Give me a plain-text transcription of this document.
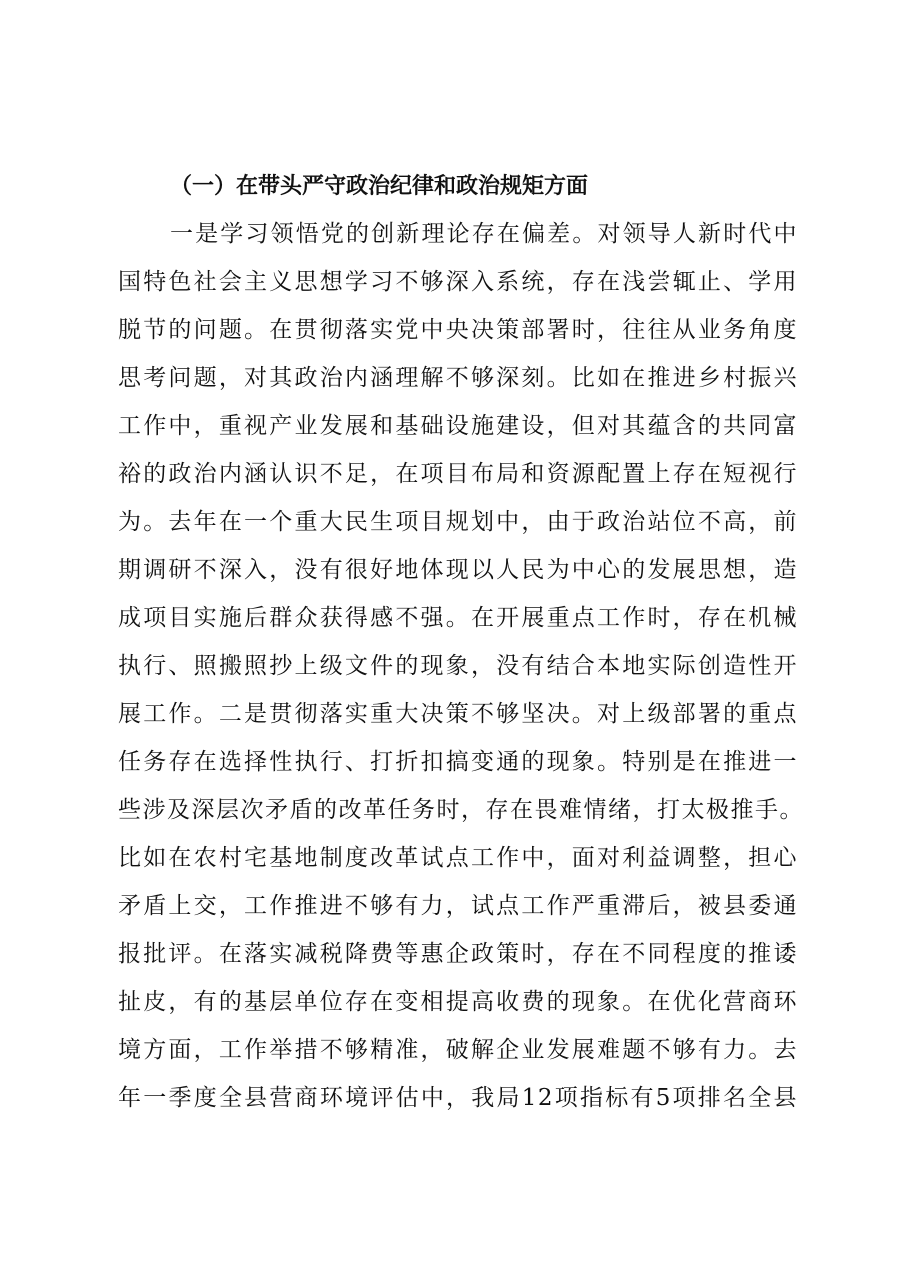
（一）在带头严守政治纪律和政治规矩方面
一是学习领悟党的创新理论存在偏差。对领导人新时代中
国特色社会主义思想学习不够深入系统，存在浅尝辄止、学用
脱节的问题。在贯彻落实党中央决策部署时，往往从业务角度
思考问题，对其政治内涵理解不够深刻。比如在推进乡村振兴
工作中，重视产业发展和基础设施建设，但对其蕴含的共同富
裕的政治内涵认识不足，在项目布局和资源配置上存在短视行
为。去年在一个重大民生项目规划中，由于政治站位不高，前
期调研不深入，没有很好地体现以人民为中心的发展思想，造
成项目实施后群众获得感不强。在开展重点工作时，存在机械
执行、照搬照抄上级文件的现象，没有结合本地实际创造性开
展工作。二是贯彻落实重大决策不够坚决。对上级部署的重点
任务存在选择性执行、打折扣搞变通的现象。特别是在推进一
些涉及深层次矛盾的改革任务时，存在畏难情绪，打太极推手。
比如在农村宅基地制度改革试点工作中，面对利益调整，担心
矛盾上交，工作推进不够有力，试点工作严重滞后，被县委通
报批评。在落实减税降费等惠企政策时，存在不同程度的推诿
扯皮，有的基层单位存在变相提高收费的现象。在优化营商环
境方面，工作举措不够精准，破解企业发展难题不够有力。去
年一季度全县营商环境评估中，我局12项指标有5项排名全县
